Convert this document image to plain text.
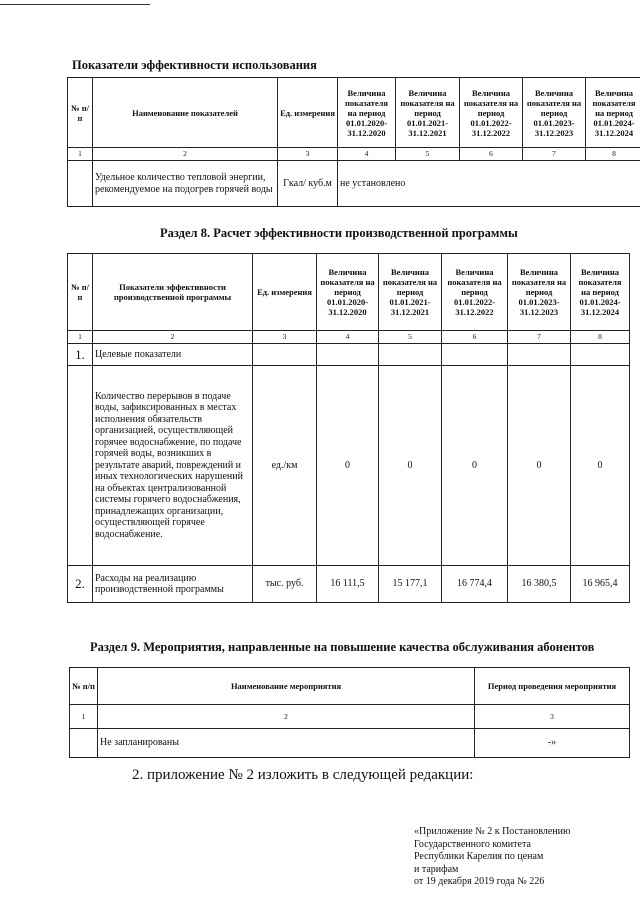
Показатели эффективности использования
№ п/п	Наименование показателей	Ед. измерения	Величина показателя на период 01.01.2020- 31.12.2020	Величина показателя на период 01.01.2021- 31.12.2021	Величина показателя на период 01.01.2022- 31.12.2022	Величина показателя на период 01.01.2023- 31.12.2023	Величина показателя на период 01.01.2024- 31.12.2024
1	2	3	4	5	6	7	8
	Удельное количество тепловой энергии, рекомендуемое на подогрев горячей воды	Гкал/ куб.м	не установлено				
Раздел 8. Расчет эффективности производственной программы
№ п/п	Показатели эффективности производственной программы	Ед. измерения	Величина показателя на период 01.01.2020- 31.12.2020	Величина показателя на период 01.01.2021- 31.12.2021	Величина показателя на период 01.01.2022- 31.12.2022	Величина показателя на период 01.01.2023- 31.12.2023	Величина показателя на период 01.01.2024- 31.12.2024
1	2	3	4	5	6	7	8
1.	Целевые показатели						
	Количество перерывов в подаче воды, зафиксированных в местах исполнения обязательств организацией, осуществляющей горячее водоснабжение, по подаче горячей воды, возникших в результате аварий, повреждений и иных технологических нарушений на объектах централизованной системы горячего водоснабжения, принадлежащих организации, осуществляющей горячее водоснабжение.	ед./км	0	0	0	0	0
2.	Расходы на реализацию производственной программы	тыс. руб.	16 111,5	15 177,1	16 774,4	16 380,5	16 965,4
Раздел 9. Мероприятия, направленные на повышение качества обслуживания абонентов
№ п/п	Наименование мероприятия	Период проведения мероприятия
1	2	3
	Не запланированы	-»
2. приложение № 2 изложить в следующей редакции:
«Приложение № 2 к Постановлению
Государственного комитета
Республики Карелия по ценам
и тарифам
от 19 декабря 2019 года № 226
